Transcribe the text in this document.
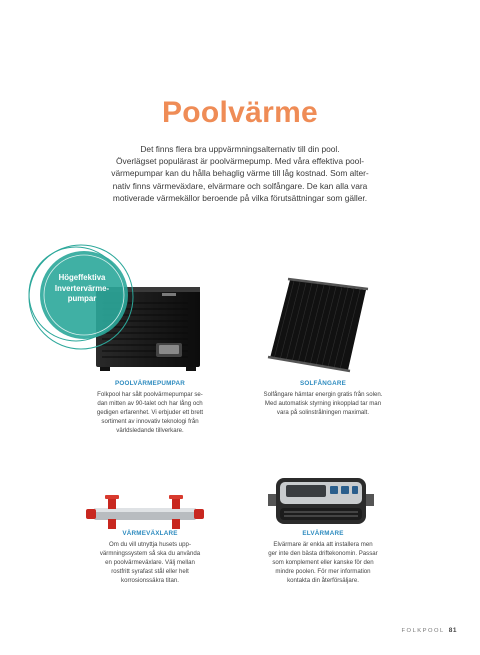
Poolvärme

Det finns flera bra uppvärmningsalternativ till din pool.

Överlägset populärast är poolvärmepump. Med våra effektiva pool-

värmepumpar kan du hålla behaglig värme till låg kostnad. Som alter-

nativ finns värmeväxlare, elvärmare och solfångare. De kan alla vara

motiverade värmekällor beroende på vilka förutsättningar som gäller.

Högeffektiva

Invertervärme-

pumpar

POOLVÄRMEPUMPAR

Folkpool har sålt poolvärmepumpar se-

dan mitten av 90-talet och har lång och

gedigen erfarenhet. Vi erbjuder ett brett

sortiment av innovativ teknologi från

världsledande tillverkare.

SOLFÅNGARE

Solfångare hämtar energin gratis från solen.

Med automatisk styrning inkopplad tar man

vara på solinstrålningen maximalt.

VÄRMEVÄXLARE

Om du vill utnyttja husets upp-

värmningssystem så ska du använda

en poolvärmeväxlare. Välj mellan

rostfritt syrafast stål eller helt

korrosionssäkra titan.

ELVÄRMARE

Elvärmare är enkla att installera men

ger inte den bästa driftekonomin. Passar

som komplement eller kanske för den

mindre poolen. För mer information

kontakta din återförsäljare.

FOLKPOOL 81
